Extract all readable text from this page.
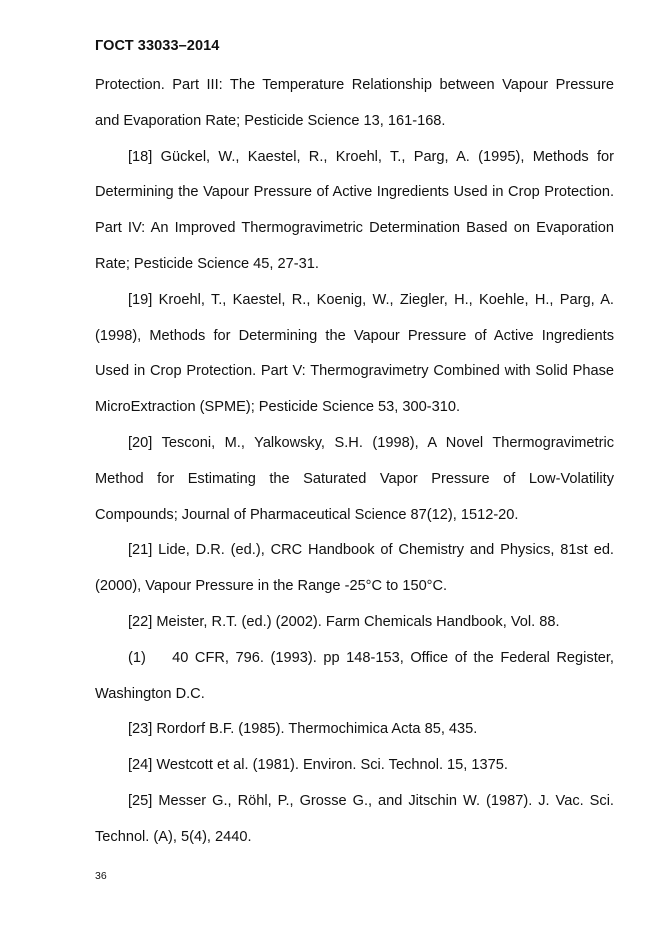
ГОСТ 33033–2014

Protection. Part III: The Temperature Relationship between Vapour Pressure and Evaporation Rate; Pesticide Science 13, 161-168.

[18] Gückel, W., Kaestel, R., Kroehl, T., Parg, A. (1995), Methods for Determining the Vapour Pressure of Active Ingredients Used in Crop Protection. Part IV: An Improved Thermogravimetric Determination Based on Evaporation Rate; Pesticide Science 45, 27-31.

[19] Kroehl, T., Kaestel, R., Koenig, W., Ziegler, H., Koehle, H., Parg, A. (1998), Methods for Determining the Vapour Pressure of Active Ingredients Used in Crop Protection. Part V: Thermogravimetry Combined with Solid Phase MicroExtraction (SPME); Pesticide Science 53, 300-310.

[20] Tesconi, M., Yalkowsky, S.H. (1998), A Novel Thermogravimetric Method for Estimating the Saturated Vapor Pressure of Low-Volatility Compounds; Journal of Pharmaceutical Science 87(12), 1512-20.

[21] Lide, D.R. (ed.), CRC Handbook of Chemistry and Physics, 81st ed.(2000), Vapour Pressure in the Range -25°C to 150°C.

[22] Meister, R.T. (ed.) (2002). Farm Chemicals Handbook, Vol. 88.

(1)    40 CFR, 796. (1993). pp 148-153, Office of the Federal Register, Washington D.C.

[23] Rordorf B.F. (1985). Thermochimica Acta 85, 435.

[24] Westcott et al. (1981). Environ. Sci. Technol. 15, 1375.

[25] Messer G., Röhl, P., Grosse G., and Jitschin W. (1987). J. Vac. Sci. Technol. (A), 5(4), 2440.

36
